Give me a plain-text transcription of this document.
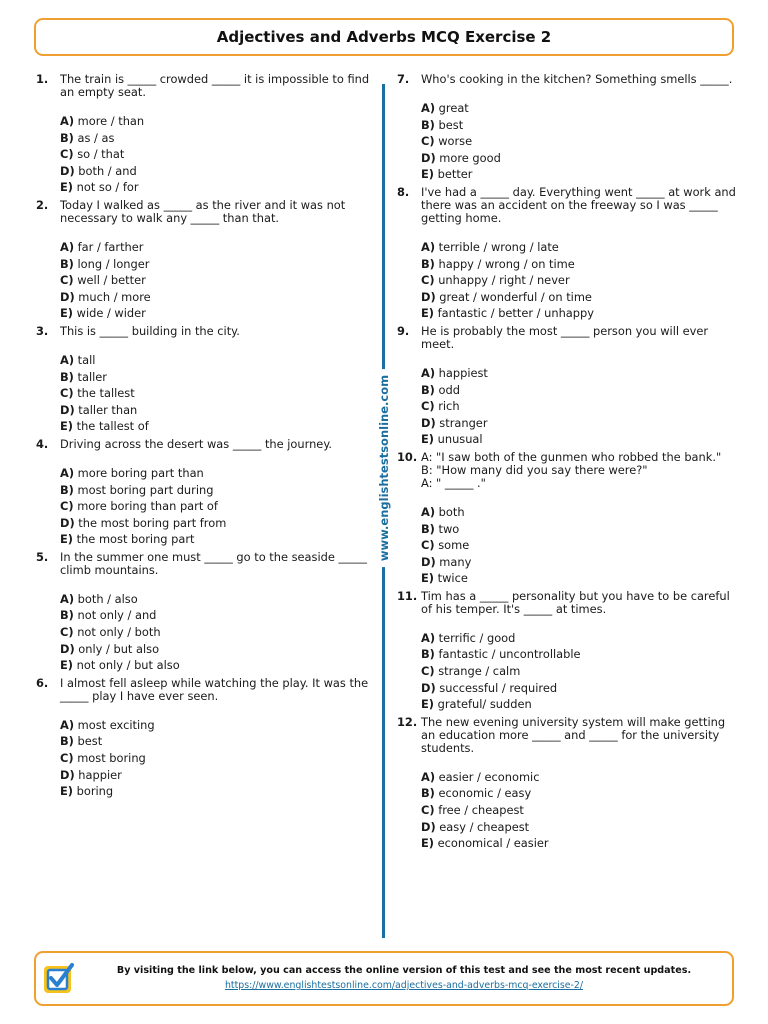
Adjectives and Adverbs MCQ Exercise 2
1.	The train is _____ crowded _____ it is impossible to find an empty seat.
A) more / than
B) as / as
C) so / that
D) both / and
E) not so / for
2.	Today I walked as _____ as the river and it was not necessary to walk any _____ than that.
A) far / farther
B) long / longer
C) well / better
D) much / more
E) wide / wider
3.	This is _____ building in the city.
A) tall
B) taller
C) the tallest
D) taller than
E) the tallest of
4.	Driving across the desert was _____ the journey.
A) more boring part than
B) most boring part during
C) more boring than part of
D) the most boring part from
E) the most boring part
5.	In the summer one must _____ go to the seaside _____ climb mountains.
A) both / also
B) not only / and
C) not only / both
D) only / but also
E) not only / but also
6.	I almost fell asleep while watching the play. It was the _____ play I have ever seen.
A) most exciting
B) best
C) most boring
D) happier
E) boring
www.englishtestsonline.com
7.	Who's cooking in the kitchen? Something smells _____.
A) great
B) best
C) worse
D) more good
E) better
8.	I've had a _____ day. Everything went _____ at work and there was an accident on the freeway so I was _____ getting home.
A) terrible / wrong / late
B) happy / wrong / on time
C) unhappy / right / never
D) great / wonderful / on time
E) fantastic / better / unhappy
9.	He is probably the most _____ person you will ever meet.
A) happiest
B) odd
C) rich
D) stranger
E) unusual
10. A: "I saw both of the gunmen who robbed the bank."
B: "How many did you say there were?"
A: " _____ ."
A) both
B) two
C) some
D) many
E) twice
11. Tim has a _____ personality but you have to be careful of his temper. It's _____ at times.
A) terrific / good
B) fantastic / uncontrollable
C) strange / calm
D) successful / required
E) grateful/ sudden
12. The new evening university system will make getting an education more _____ and _____ for the university students.
A) easier / economic
B) economic / easy
C) free / cheapest
D) easy / cheapest
E) economical / easier
By visiting the link below, you can access the online version of this test and see the most recent updates.
https://www.englishtestsonline.com/adjectives-and-adverbs-mcq-exercise-2/
